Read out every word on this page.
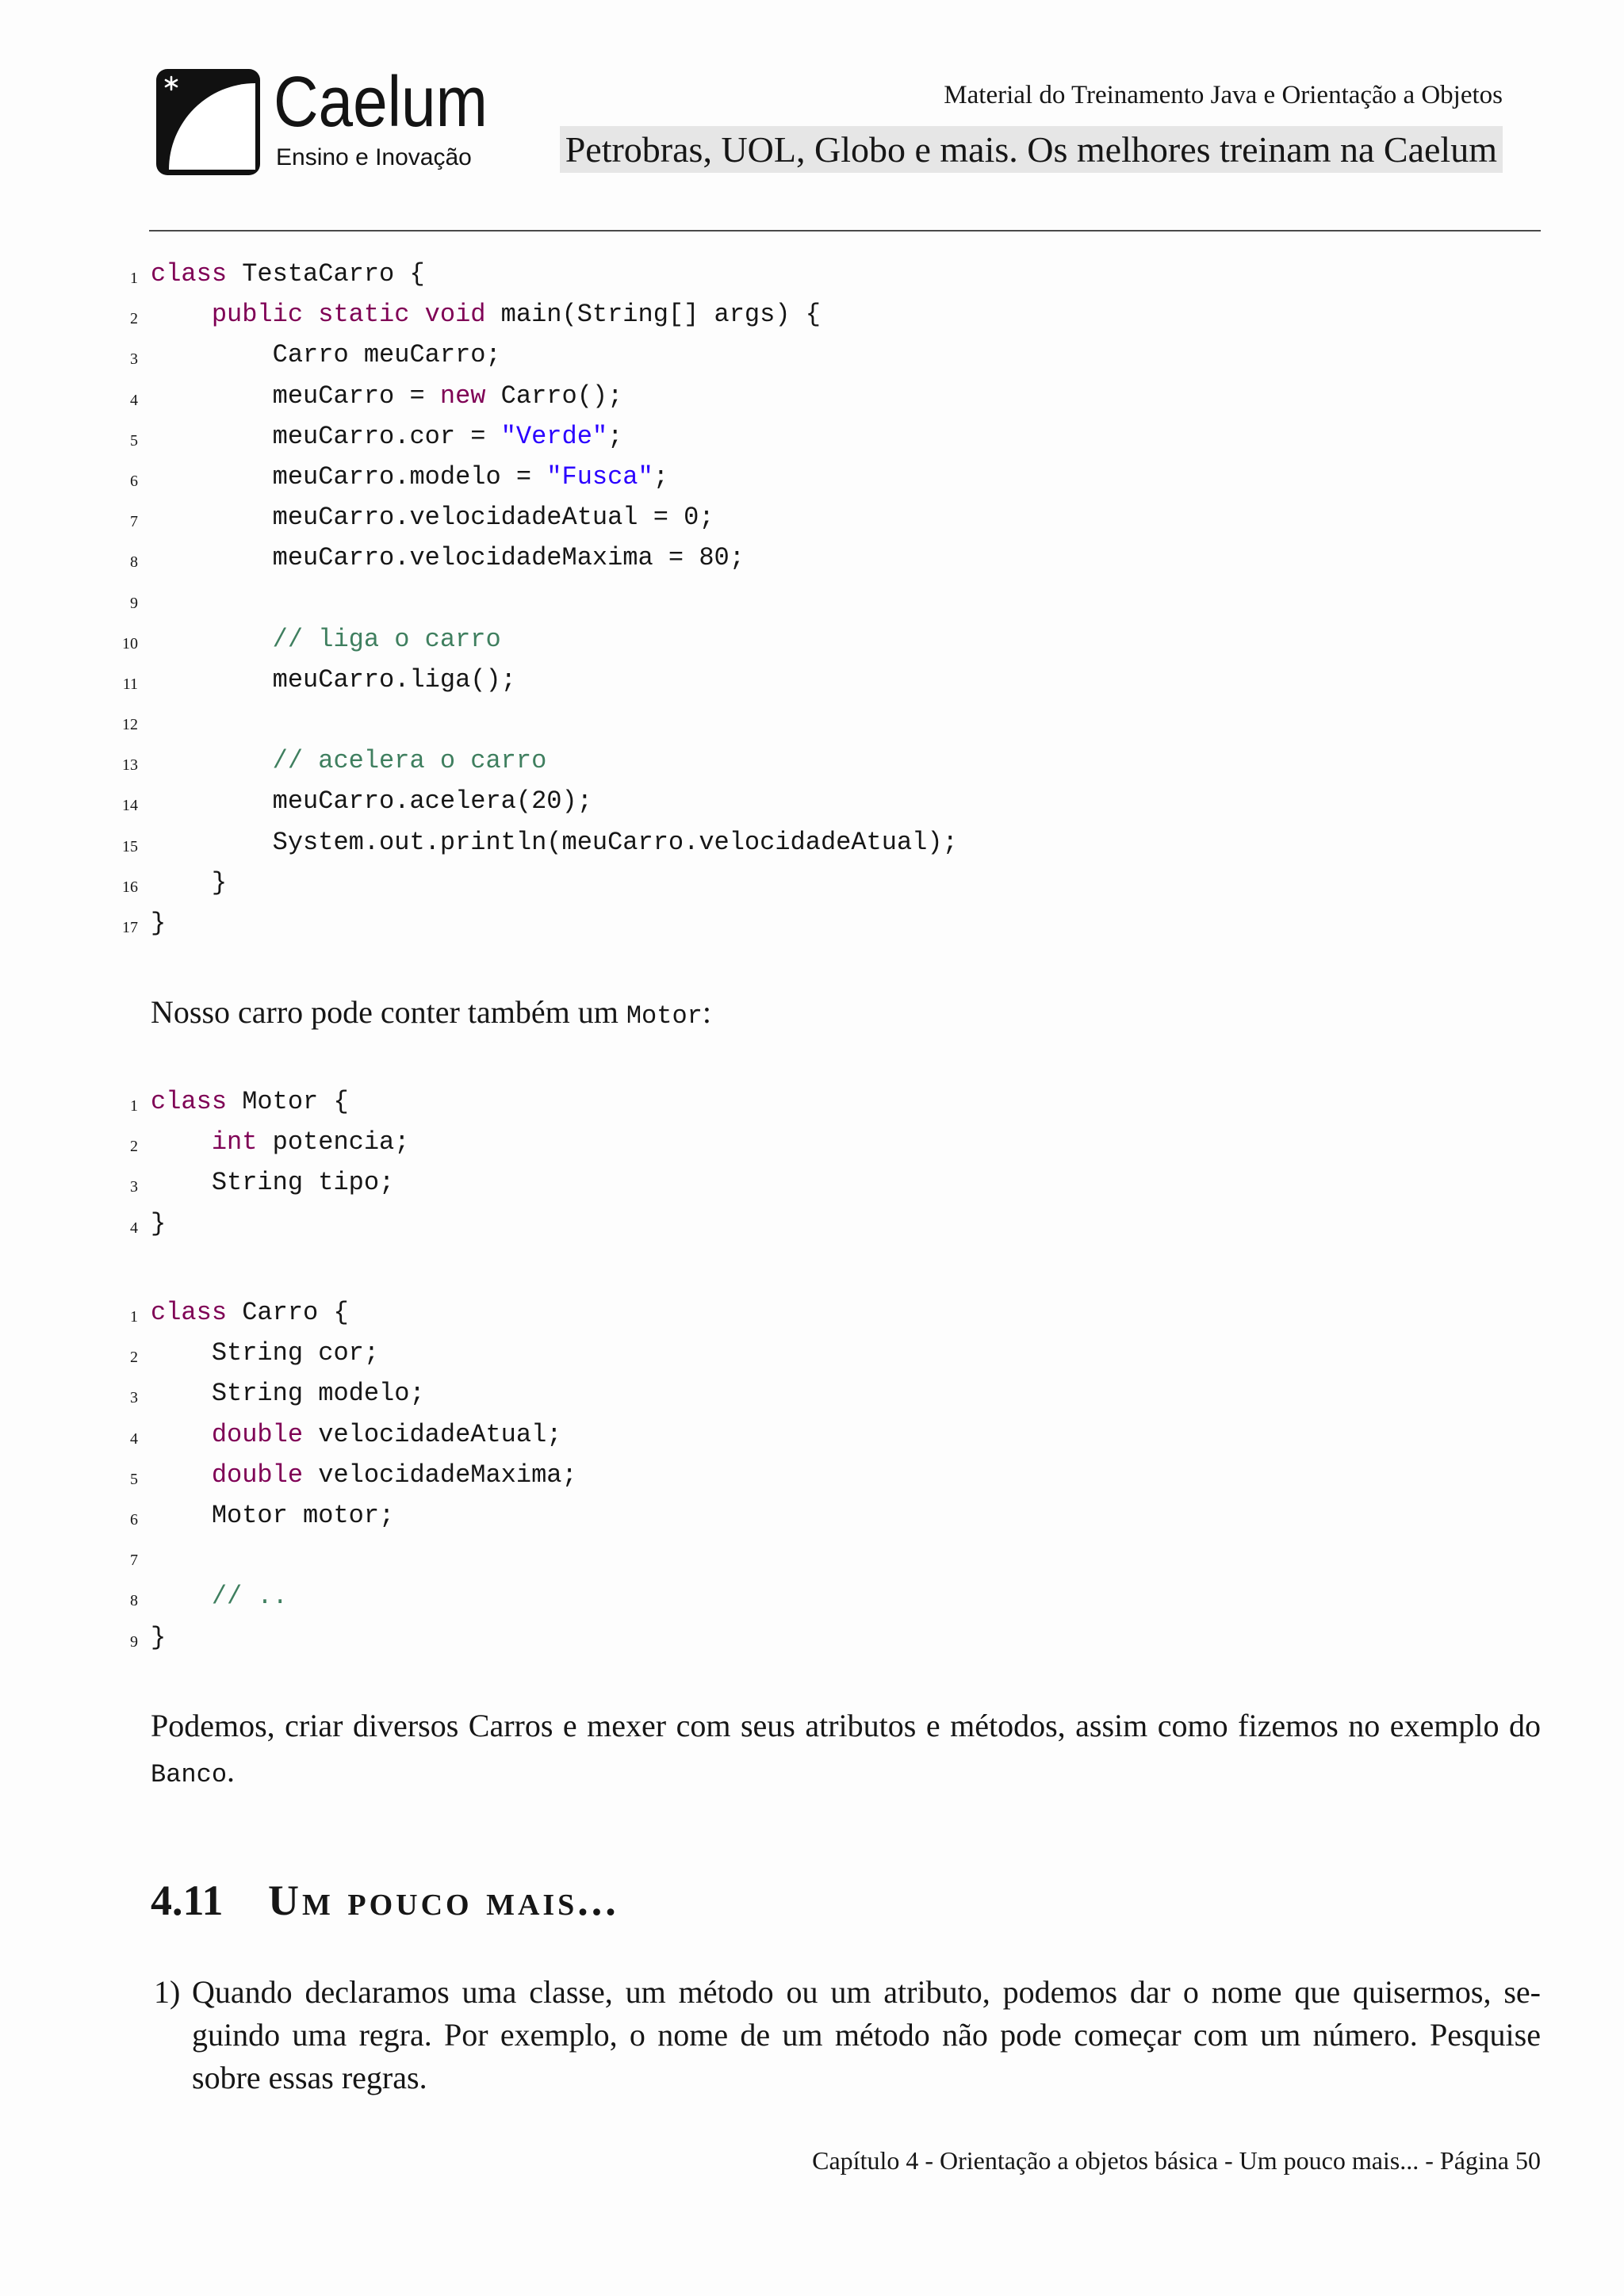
Caelum
Ensino e Inovação
Material do Treinamento Java e Orientação a Objetos
Petrobras, UOL, Globo e mais. Os melhores treinam na Caelum
1 class TestaCarro {
2	public static void main(String[] args) {
3 Carro meuCarro;
4 meuCarro = new Carro();
5 meuCarro.cor = "Verde";
6 meuCarro.modelo = "Fusca";
7 meuCarro.velocidadeAtual = 0;
8 meuCarro.velocidadeMaxima = 80;
9
10	// liga o carro
11 meuCarro.liga();
12
13	// acelera o carro
14 meuCarro.acelera(20);
15 System.out.println(meuCarro.velocidadeAtual);
16 }
17 }
Nosso carro pode conter também um Motor:
1 class Motor {
2	int potencia;
3 String tipo;
4 }
1 class Carro {
2 String cor;
3 String modelo;
4	double velocidadeAtual;
5	double velocidadeMaxima;
6 Motor motor;
7
8	// ..
9 }
Podemos, criar diversos Carros e mexer com seus atributos e métodos, assim como fizemos no exemplo do
Banco.
4.11 Um pouco mais...
1) Quando declaramos uma classe, um método ou um atributo, podemos dar o nome que quisermos, se-
guindo uma regra. Por exemplo, o nome de um método não pode começar com um número. Pesquise
sobre essas regras.
Capítulo 4 - Orientação a objetos básica - Um pouco mais... - Página 50
